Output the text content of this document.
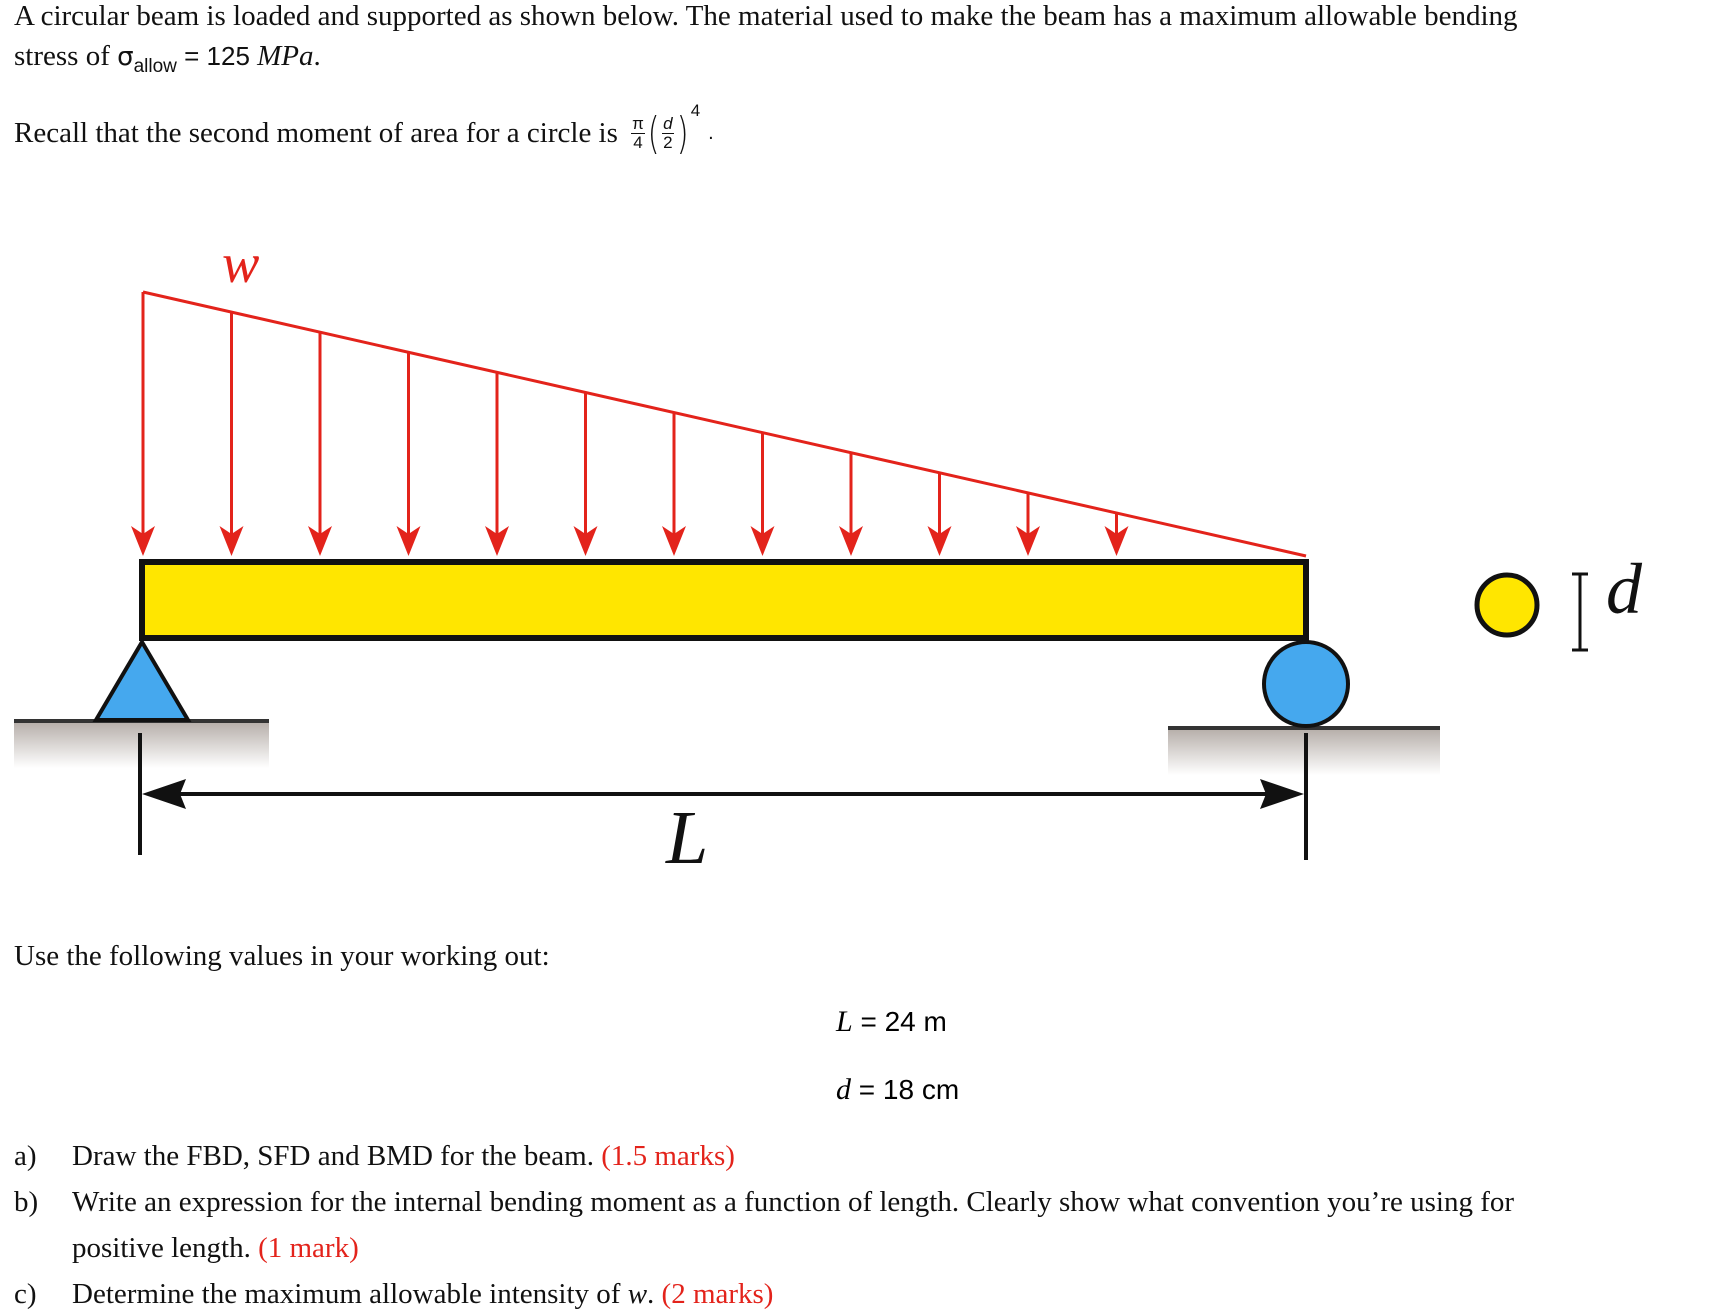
A circular beam is loaded and supported as shown below. The material used to make the beam has a maximum allowable bending
stress of $\sigma_{allow} = 125$ MPa.
Recall that the second moment of area for a circle is $\frac{\pi}{4}$ ( $\frac{d}{2}$ ) $^4$.
w
L
d
Use the following values in your working out:
L = 24 m
d = 18 cm
a) Draw the FBD, SFD and BMD for the beam. (1.5 marks)
b) Write an expression for the internal bending moment as a function of length. Clearly show what convention you’re using for
positive length. (1 mark)
c) Determine the maximum allowable intensity of w. (2 marks)
